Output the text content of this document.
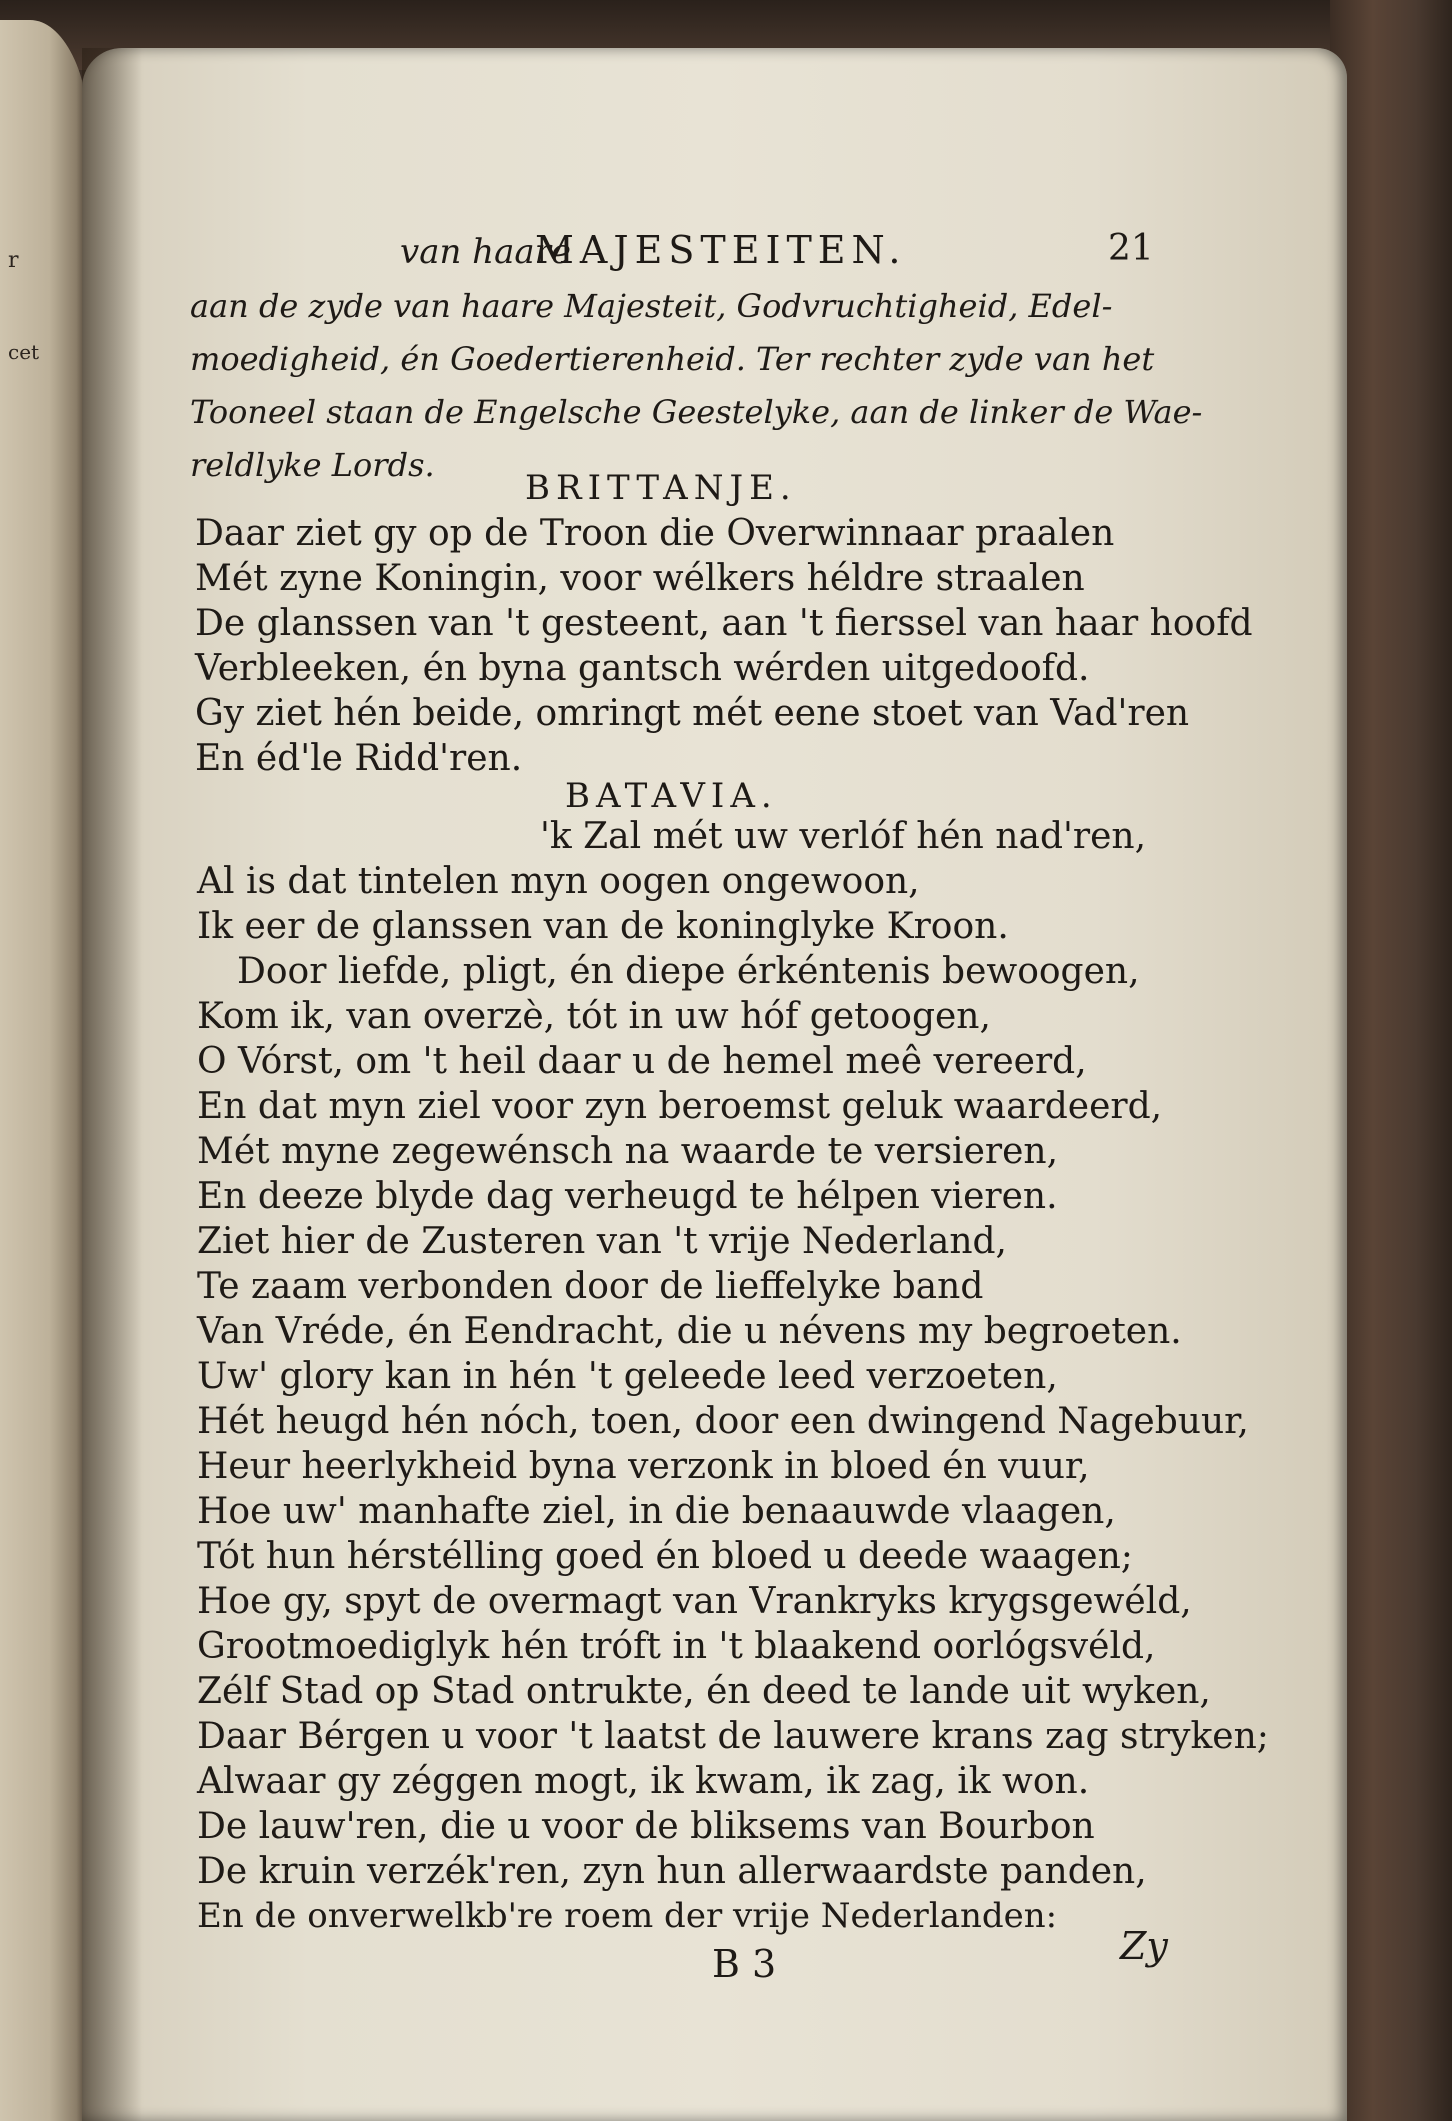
r
cet
van haare
MAJESTEITEN.	21
aan de zyde van haare Majesteit, Godvruchtigheid, Edel-
moedigheid, én Goedertierenheid. Ter rechter zyde van het
Tooneel staan de Engelsche Geestelyke, aan de linker de Wae-
reldlyke Lords.
BRITTANJE.
Daar ziet gy op de Troon die Overwinnaar praalen
Mét zyne Koningin, voor wélkers héldre straalen
De glanssen van 't gesteent, aan 't fierssel van haar hoofd
Verbleeken, én byna gantsch wérden uitgedoofd.
Gy ziet hén beide, omringt mét eene stoet van Vad'ren
En éd'le Ridd'ren.
BATAVIA.
'k Zal mét uw verlóf hén nad'ren,
Al is dat tintelen myn oogen ongewoon,
Ik eer de glanssen van de koninglyke Kroon.
Door liefde, pligt, én diepe érkéntenis bewoogen,
Kom ik, van overzè, tót in uw hóf getoogen,
O Vórst, om 't heil daar u de hemel meê vereerd,
En dat myn ziel voor zyn beroemst geluk waardeerd,
Mét myne zegewénsch na waarde te versieren,
En deeze blyde dag verheugd te hélpen vieren.
Ziet hier de Zusteren van 't vrije Nederland,
Te zaam verbonden door de lieffelyke band
Van Vréde, én Eendracht, die u névens my begroeten.
Uw' glory kan in hén 't geleede leed verzoeten,
Hét heugd hén nóch, toen, door een dwingend Nagebuur,
Heur heerlykheid byna verzonk in bloed én vuur,
Hoe uw' manhafte ziel, in die benaauwde vlaagen,
Tót hun hérstélling goed én bloed u deede waagen;
Hoe gy, spyt de overmagt van Vrankryks krygsgewéld,
Grootmoediglyk hén tróft in 't blaakend oorlógsvéld,
Zélf Stad op Stad ontrukte, én deed te lande uit wyken,
Daar Bérgen u voor 't laatst de lauwere krans zag stryken;
Alwaar gy zéggen mogt, ik kwam, ik zag, ik won.
De lauw'ren, die u voor de bliksems van Bourbon
De kruin verzék'ren, zyn hun allerwaardste panden,
En de onverwelkb're roem der vrije Nederlanden:
B 3	Zy
